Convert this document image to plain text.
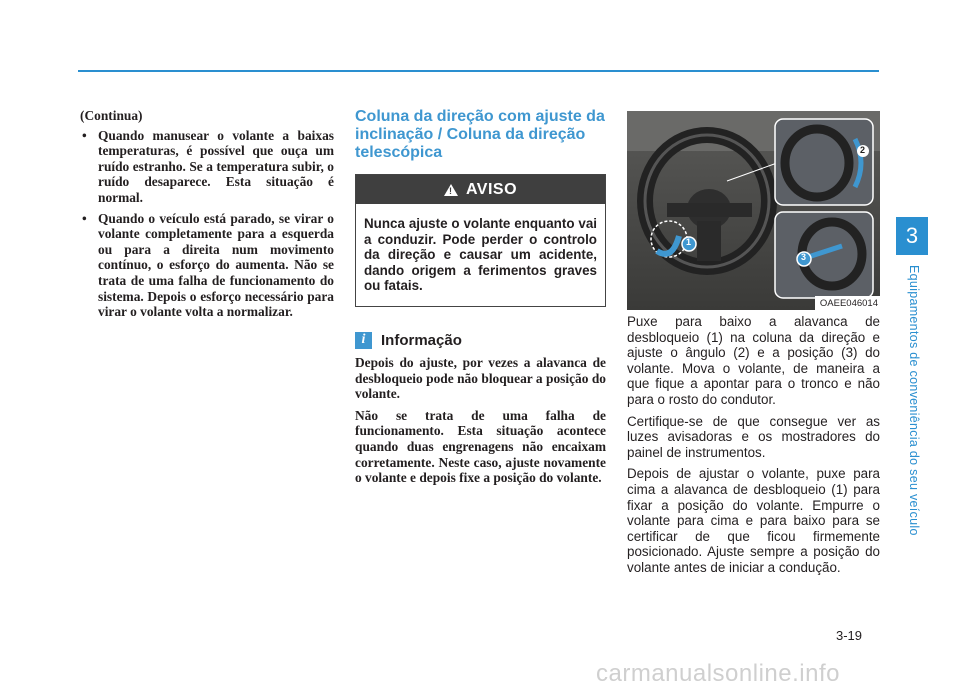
(Continua)

• Quando manusear o volante a baixas temperaturas, é possível que ouça um ruído estranho. Se a temperatura subir, o ruído desaparece. Esta situação é normal.
• Quando o veículo está parado, se virar o volante completamente para a esquerda ou para a direita num movimento contínuo, o esforço do aumenta. Não se trata de uma falha de funcionamento do sistema. Depois o esforço necessário para virar o volante volta a normalizar.
Coluna da direção com ajuste da inclinação / Coluna da direção telescópica
! AVISO
Nunca ajuste o volante enquanto vai a conduzir. Pode perder o controlo da direção e causar um acidente, dando origem a ferimentos graves ou fatais.
i	Informação

Depois do ajuste, por vezes a alavanca de desbloqueio pode não bloquear a posição do volante.

Não se trata de uma falha de funcionamento. Esta situação acontece quando duas engrenagens não encaixam corretamente. Neste caso, ajuste novamente o volante e depois fixe a posição do volante.

1
2
3
OAEE046014

Puxe para baixo a alavanca de desbloqueio (1) na coluna da direção e ajuste o ângulo (2) e a posição (3) do volante. Mova o volante, de maneira a que fique a apontar para o tronco e não para o rosto do condutor.

Certifique-se de que consegue ver as luzes avisadoras e os mostradores do painel de instrumentos.

Depois de ajustar o volante, puxe para cima a alavanca de desbloqueio (1) para fixar a posição do volante. Empurre o volante para cima e para baixo para se certificar de que ficou firmemente posicionado. Ajuste sempre a posição do volante antes de iniciar a condução.

3
Equipamentos de conveniência do seu veículo
3-19
carmanualsonline.info
